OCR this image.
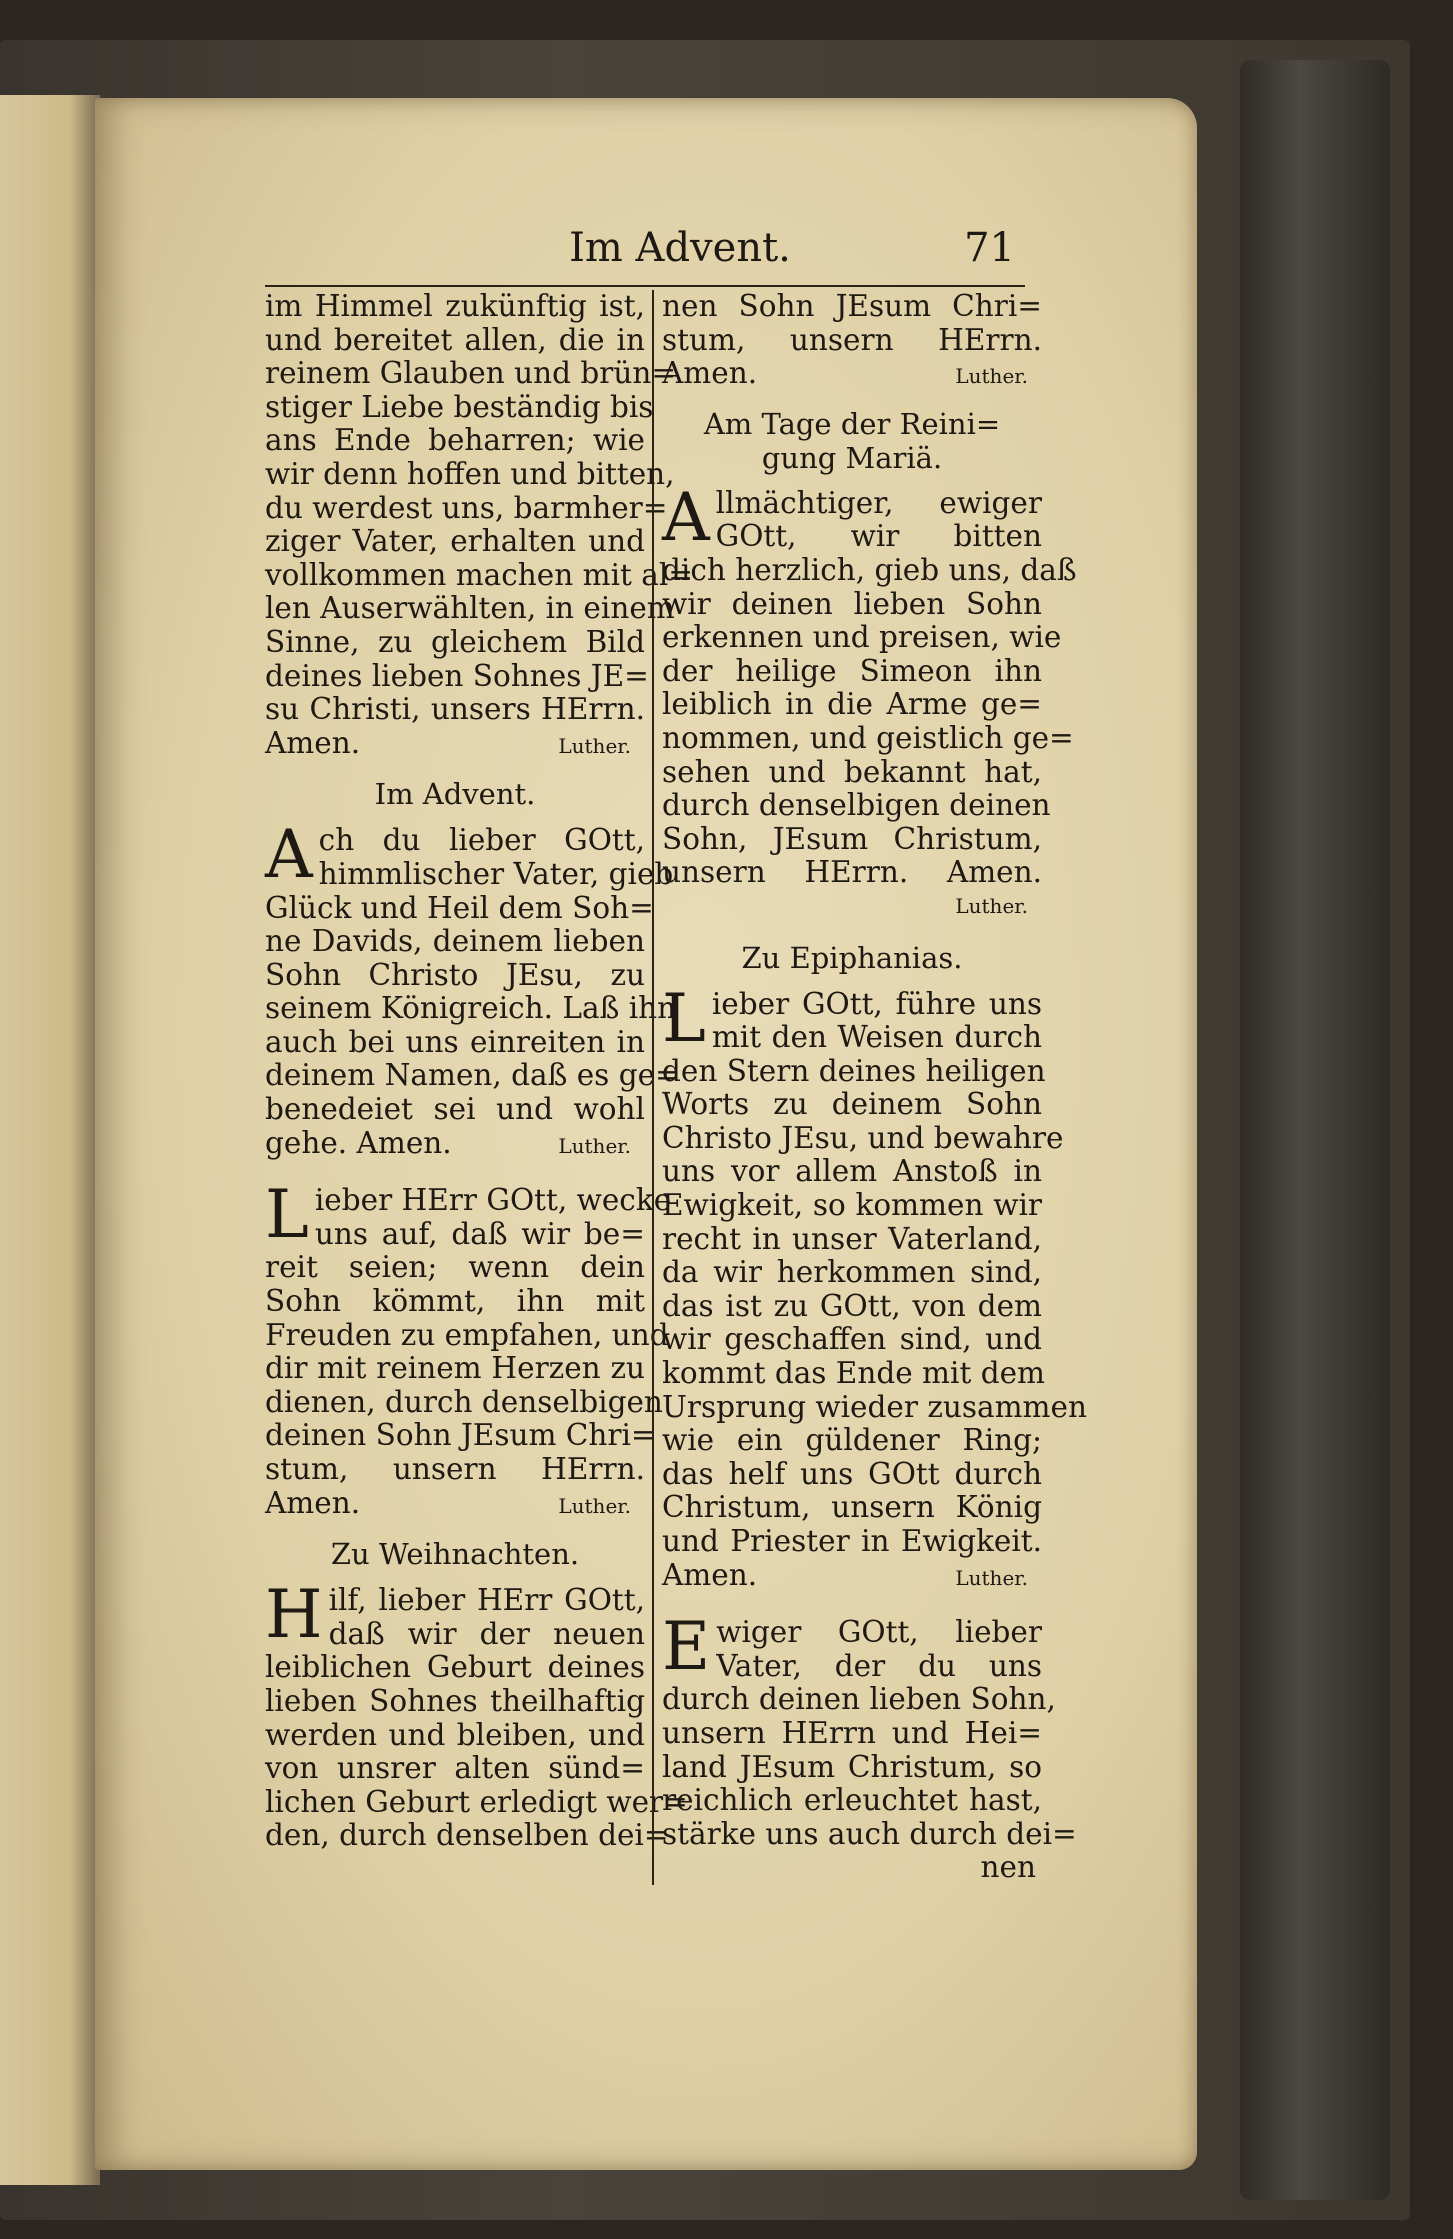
Im Advent.	71
im Himmel zukünftig ist,
und bereitet allen, die in
reinem Glauben und brün=
stiger Liebe beständig bis
ans Ende beharren; wie
wir denn hoffen und bitten,
du werdest uns, barmher=
ziger Vater, erhalten und
vollkommen machen mit al=
len Auserwählten, in einem
Sinne, zu gleichem Bild
deines lieben Sohnes JE=
su Christi, unsers HErrn.
Amen.	Luther.
Im Advent.
A ch du lieber GOtt,
himmlischer Vater, gieb
Glück und Heil dem Soh=
ne Davids, deinem lieben
Sohn Christo JEsu, zu
seinem Königreich. Laß ihn
auch bei uns einreiten in
deinem Namen, daß es ge=
benedeiet sei und wohl
gehe. Amen.	Luther.
L ieber HErr GOtt, wecke
uns auf, daß wir be=
reit seien; wenn dein
Sohn kömmt, ihn mit
Freuden zu empfahen, und
dir mit reinem Herzen zu
dienen, durch denselbigen
deinen Sohn JEsum Chri=
stum, unsern HErrn.
Amen.	Luther.
Zu Weihnachten.
H ilf, lieber HErr GOtt,
daß wir der neuen
leiblichen Geburt deines
lieben Sohnes theilhaftig
werden und bleiben, und
von unsrer alten sünd=
lichen Geburt erledigt wer=
den, durch denselben dei=
nen Sohn JEsum Chri=
stum, unsern HErrn.
Amen.	Luther.
Am Tage der Reini=
gung Mariä.
A llmächtiger, ewiger
GOtt, wir bitten
dich herzlich, gieb uns, daß
wir deinen lieben Sohn
erkennen und preisen, wie
der heilige Simeon ihn
leiblich in die Arme ge=
nommen, und geistlich ge=
sehen und bekannt hat,
durch denselbigen deinen
Sohn, JEsum Christum,
unsern HErrn. Amen.
Luther.
Zu Epiphanias.
L ieber GOtt, führe uns
mit den Weisen durch
den Stern deines heiligen
Worts zu deinem Sohn
Christo JEsu, und bewahre
uns vor allem Anstoß in
Ewigkeit, so kommen wir
recht in unser Vaterland,
da wir herkommen sind,
das ist zu GOtt, von dem
wir geschaffen sind, und
kommt das Ende mit dem
Ursprung wieder zusammen
wie ein güldener Ring;
das helf uns GOtt durch
Christum, unsern König
und Priester in Ewigkeit.
Amen.	Luther.
E wiger GOtt, lieber
Vater, der du uns
durch deinen lieben Sohn,
unsern HErrn und Hei=
land JEsum Christum, so
reichlich erleuchtet hast,
stärke uns auch durch dei=
nen
